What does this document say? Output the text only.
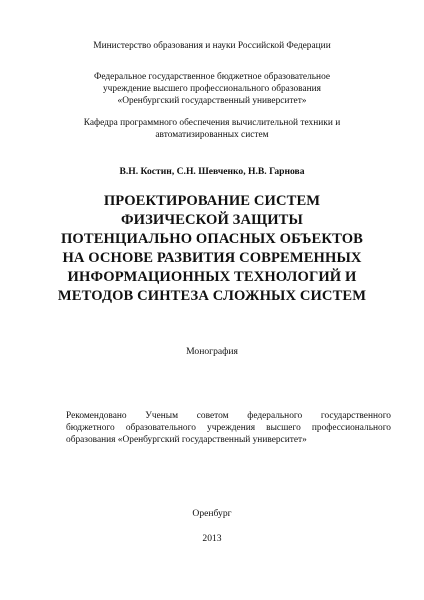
Министерство образования и науки Российской Федерации
Федеральное государственное бюджетное образовательное
учреждение высшего профессионального образования
«Оренбургский государственный университет»
Кафедра программного обеспечения вычислительной техники и
автоматизированных систем
В.Н. Костин, С.Н. Шевченко, Н.В. Гарнова
ПРОЕКТИРОВАНИЕ СИСТЕМ
ФИЗИЧЕСКОЙ ЗАЩИТЫ
ПОТЕНЦИАЛЬНО ОПАСНЫХ ОБЪЕКТОВ
НА ОСНОВЕ РАЗВИТИЯ СОВРЕМЕННЫХ
ИНФОРМАЦИОННЫХ ТЕХНОЛОГИЙ И
МЕТОДОВ СИНТЕЗА СЛОЖНЫХ СИСТЕМ
Монография
Рекомендовано Ученым советом федерального государственного
бюджетного образовательного учреждения высшего профессионального
образования «Оренбургский государственный университет»
Оренбург
2013
